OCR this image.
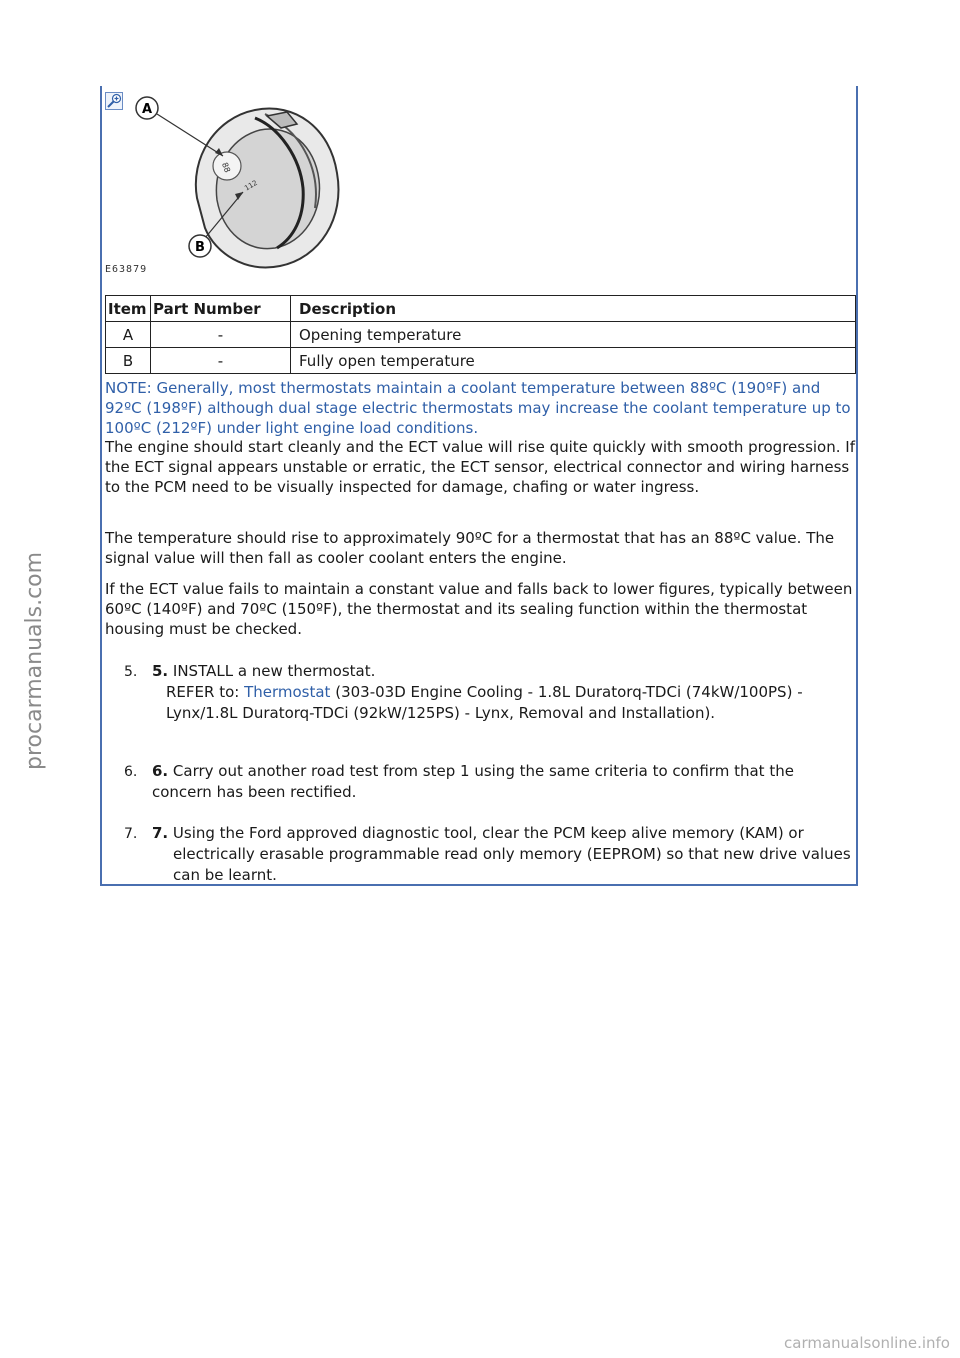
88
112
A
B
E63879
Item	Part Number	Description
A	-	Opening temperature
B	-	Fully open temperature
NOTE: Generally, most thermostats maintain a coolant temperature between 88ºC (190ºF) and 92ºC (198ºF) although dual stage electric thermostats may increase the coolant temperature up to 100ºC (212ºF) under light engine load conditions.
The engine should start cleanly and the ECT value will rise quite quickly with smooth progression. If the ECT signal appears unstable or erratic, the ECT sensor, electrical connector and wiring harness to the PCM need to be visually inspected for damage, chafing or water ingress.
The temperature should rise to approximately 90ºC for a thermostat that has an 88ºC value. The signal value will then fall as cooler coolant enters the engine.
If the ECT value fails to maintain a constant value and falls back to lower figures, typically between 60ºC (140ºF) and 70ºC (150ºF), the thermostat and its sealing function within the thermostat housing must be checked.
5. 5. INSTALL a new thermostat.
REFER to: Thermostat (303-03D Engine Cooling - 1.8L Duratorq-TDCi (74kW/100PS) - Lynx/1.8L Duratorq-TDCi (92kW/125PS) - Lynx, Removal and Installation).
6. 6. Carry out another road test from step 1 using the same criteria to confirm that the concern has been rectified.
7. 7. Using the Ford approved diagnostic tool, clear the PCM keep alive memory (KAM) or electrically erasable programmable read only memory (EEPROM) so that new drive values can be learnt.
procarmanuals.com
carmanualsonline.info
